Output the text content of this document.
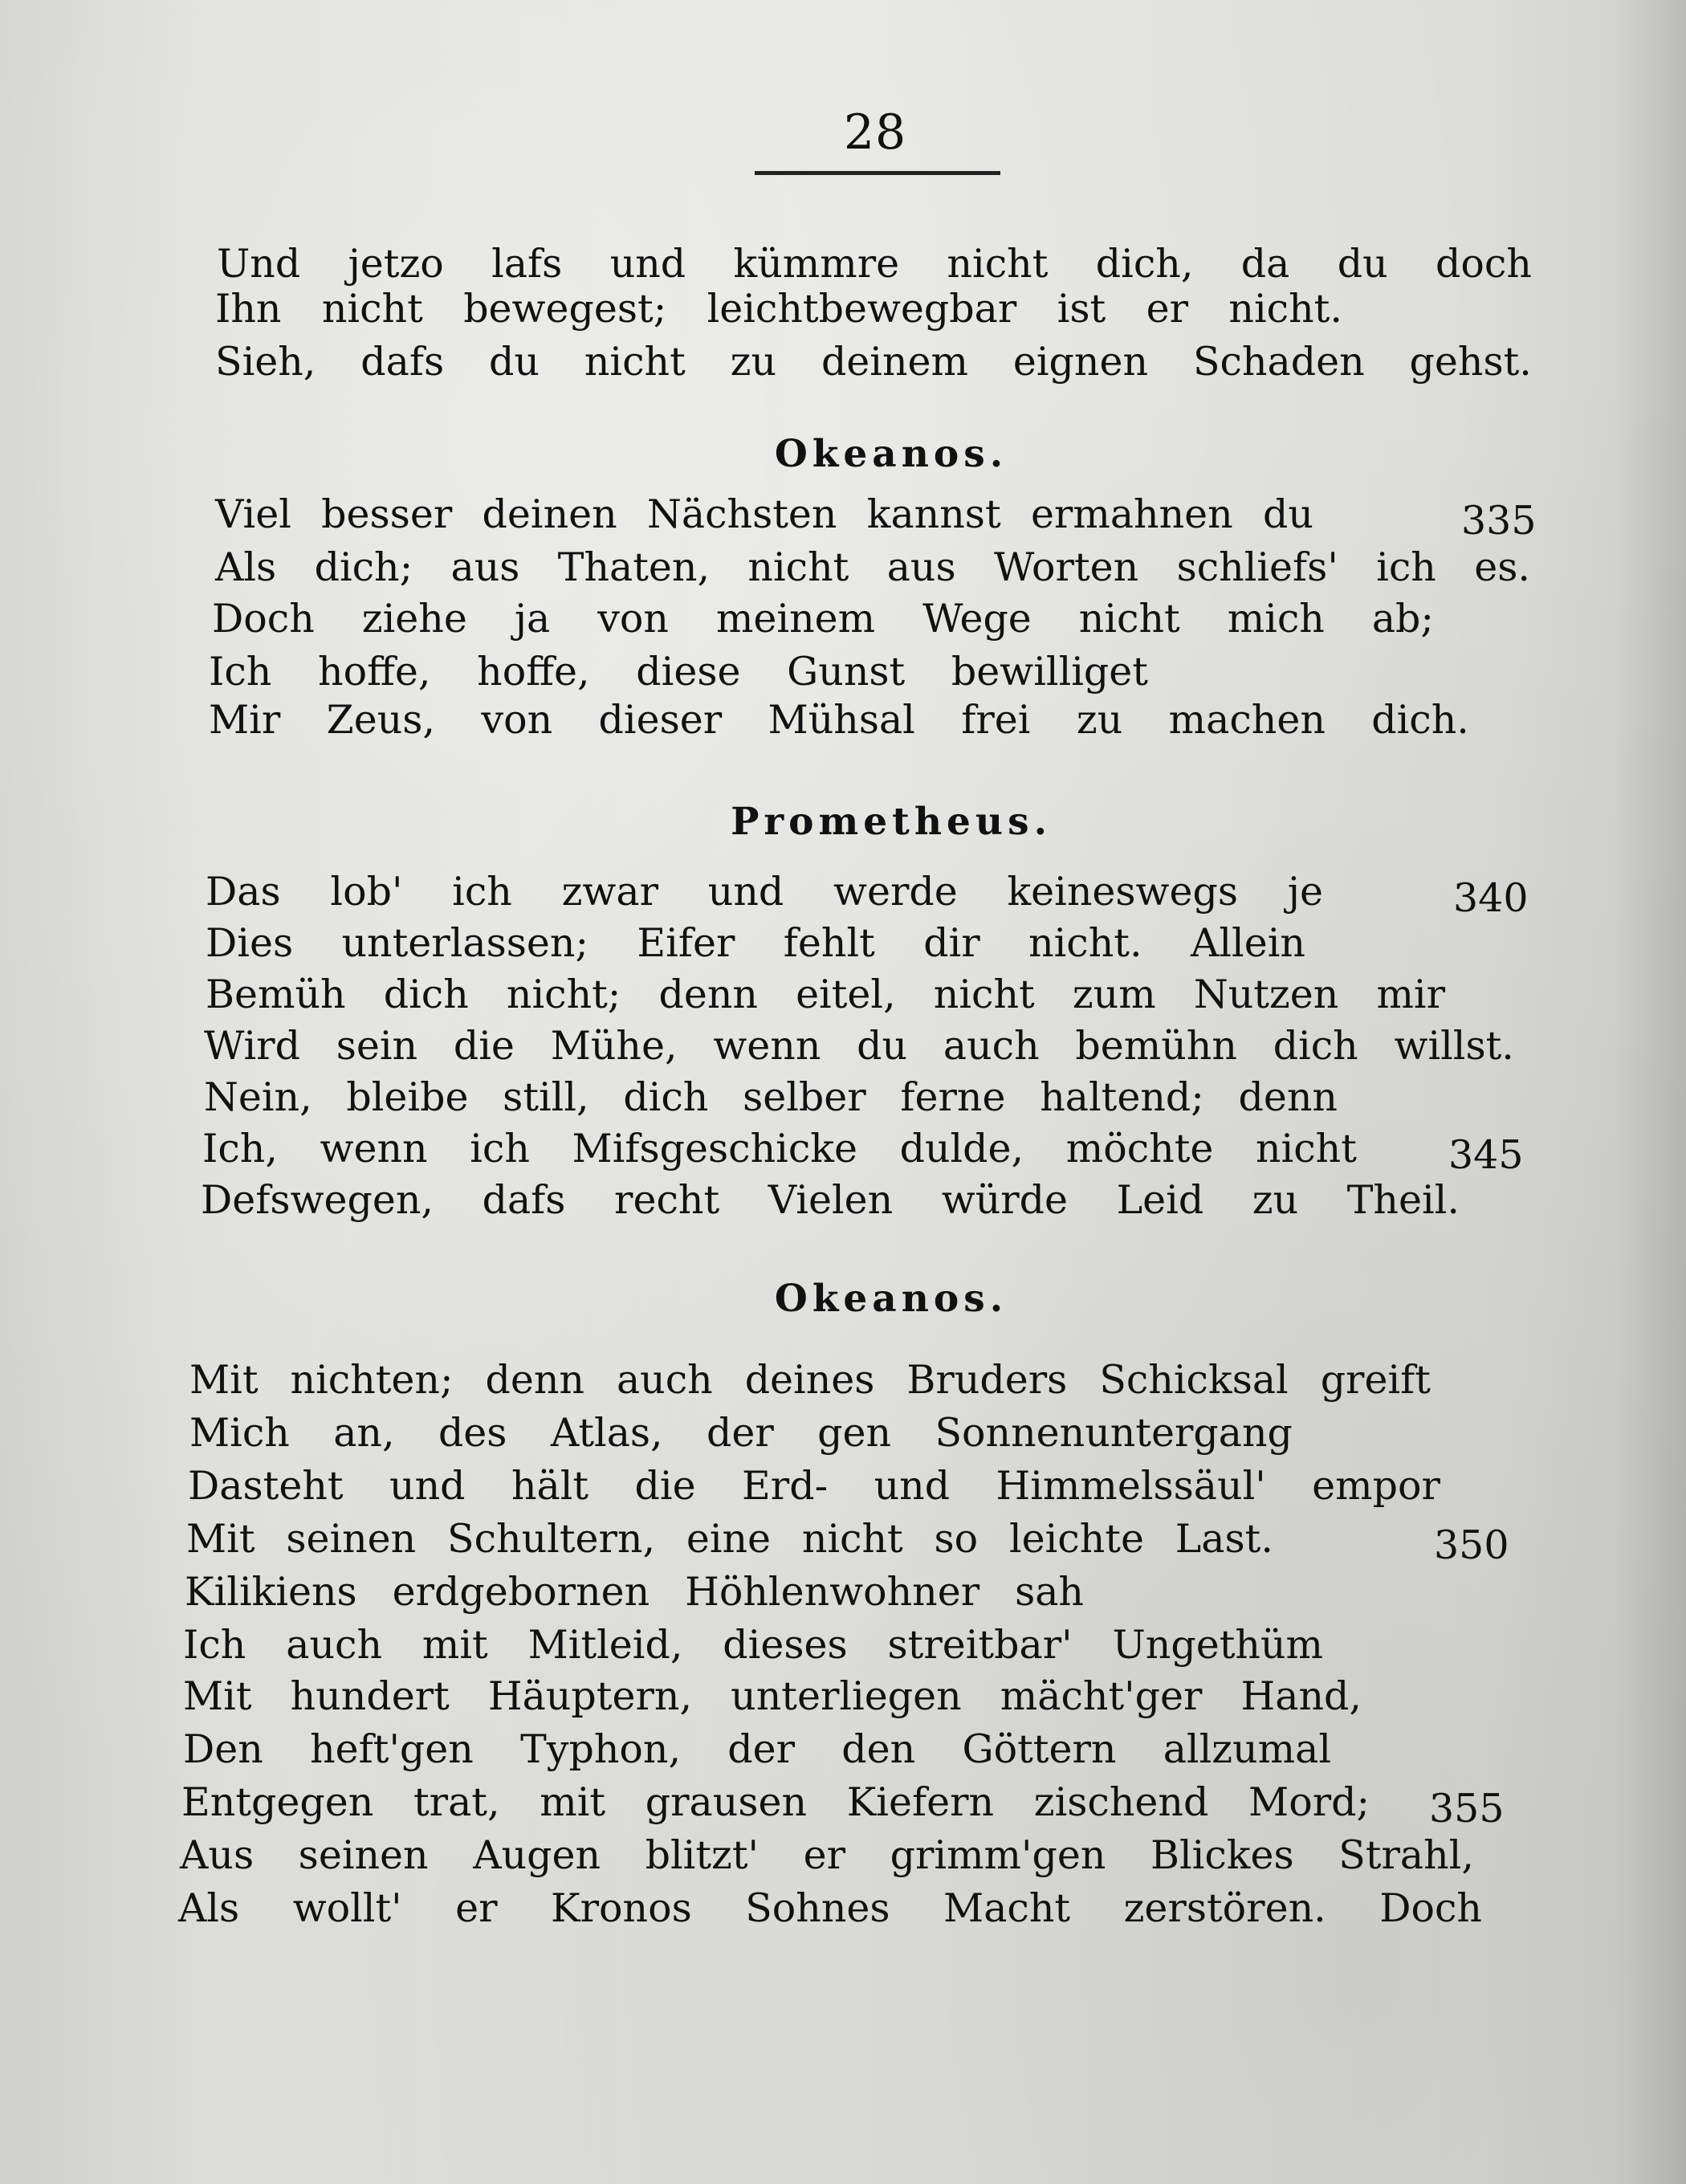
28
Und jetzo lafs und kümmre nicht dich, da du doch
Ihn nicht bewegest; leichtbewegbar ist er nicht.
Sieh, dafs du nicht zu deinem eignen Schaden gehst.
Okeanos.
Viel besser deinen Nächsten kannst ermahnen du	335
Als dich; aus Thaten, nicht aus Worten schliefs' ich es.
Doch ziehe ja von meinem Wege nicht mich ab;
Ich hoffe, hoffe, diese Gunst bewilliget
Mir Zeus, von dieser Mühsal frei zu machen dich.
Prometheus.
Das lob' ich zwar und werde keineswegs je	340
Dies unterlassen; Eifer fehlt dir nicht. Allein
Bemüh dich nicht; denn eitel, nicht zum Nutzen mir
Wird sein die Mühe, wenn du auch bemühn dich willst.
Nein, bleibe still, dich selber ferne haltend; denn
Ich, wenn ich Mifsgeschicke dulde, möchte nicht 345
Defswegen, dafs recht Vielen würde Leid zu Theil.
Okeanos.
Mit nichten; denn auch deines Bruders Schicksal greift
Mich an, des Atlas, der gen Sonnenuntergang
Dasteht und hält die Erd- und Himmelssäul' empor
Mit seinen Schultern, eine nicht so leichte Last.	350
Kilikiens erdgebornen Höhlenwohner sah
Ich auch mit Mitleid, dieses streitbar' Ungethüm
Mit hundert Häuptern, unterliegen mächt'ger Hand,
Den heft'gen Typhon, der den Göttern allzumal
Entgegen trat, mit grausen Kiefern zischend Mord; 355
Aus seinen Augen blitzt' er grimm'gen Blickes Strahl,
Als wollt' er Kronos Sohnes Macht zerstören. Doch
